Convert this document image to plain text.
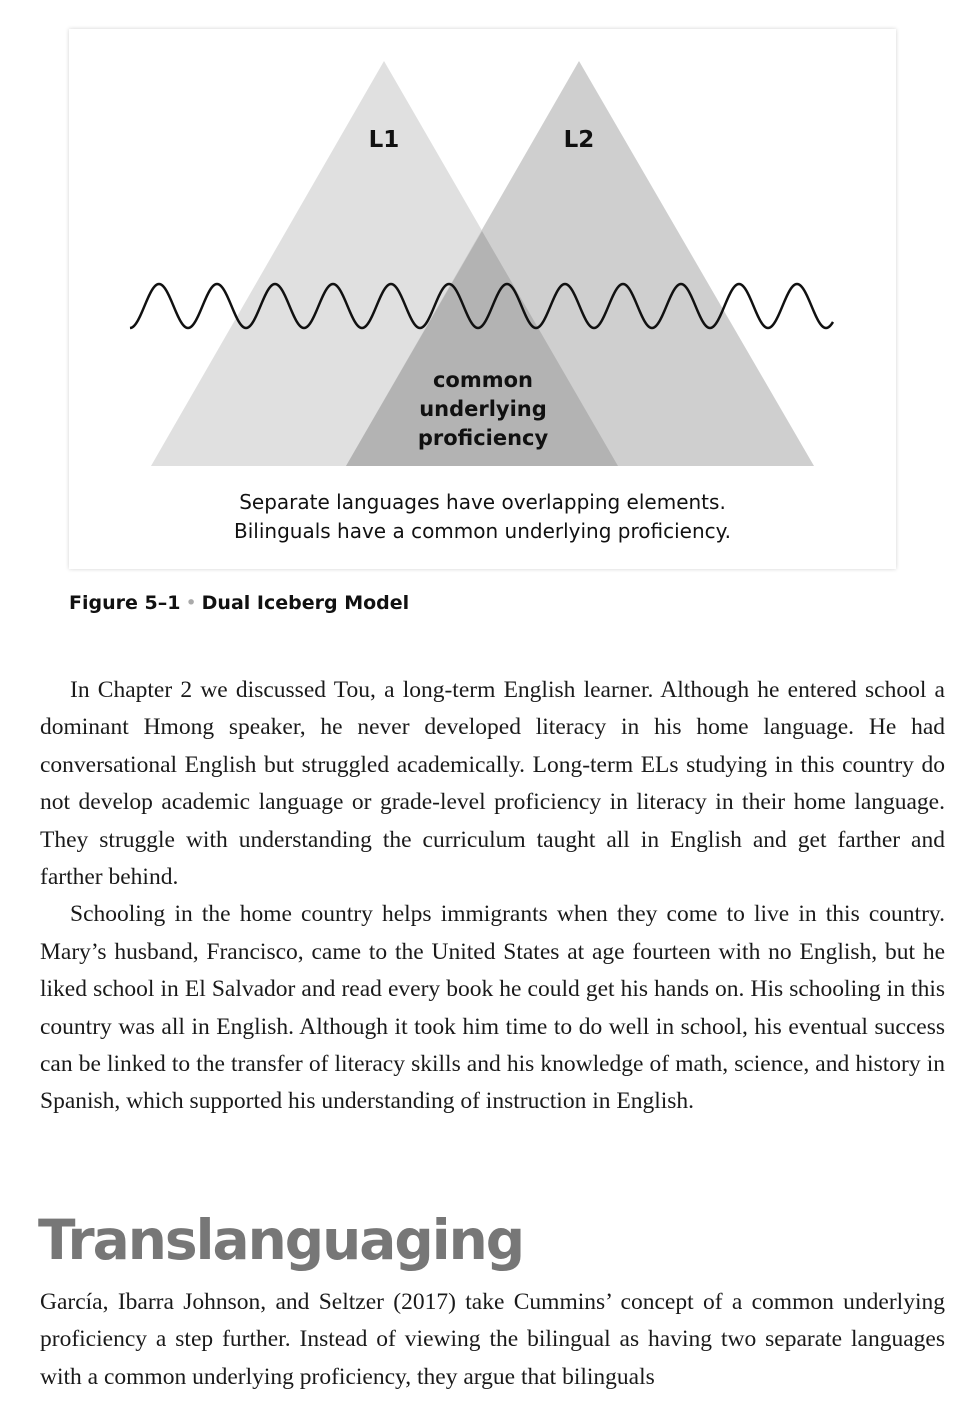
L1	L2
common
underlying
proficiency
Separate languages have overlapping elements.
Bilinguals have a common underlying proficiency.
Figure 5–1 • Dual Iceberg Model

In Chapter 2 we discussed Tou, a long-term English learner. Although he entered school a dominant Hmong speaker, he never developed literacy in his home language. He had conversational English but struggled academically. Long-term ELs studying in this country do not develop academic language or grade-level proficiency in literacy in their home language. They struggle with understanding the curriculum taught all in English and get farther and farther behind.

Schooling in the home country helps immigrants when they come to live in this country. Mary’s husband, Francisco, came to the United States at age fourteen with no English, but he liked school in El Salvador and read every book he could get his hands on. His schooling in this country was all in English. Although it took him time to do well in school, his eventual success can be linked to the transfer of literacy skills and his knowledge of math, science, and history in Spanish, which supported his understanding of instruction in English.

Translanguaging

García, Ibarra Johnson, and Seltzer (2017) take Cummins’ concept of a common underlying proficiency a step further. Instead of viewing the bilingual as having two separate languages with a common underlying proficiency, they argue that bilinguals
